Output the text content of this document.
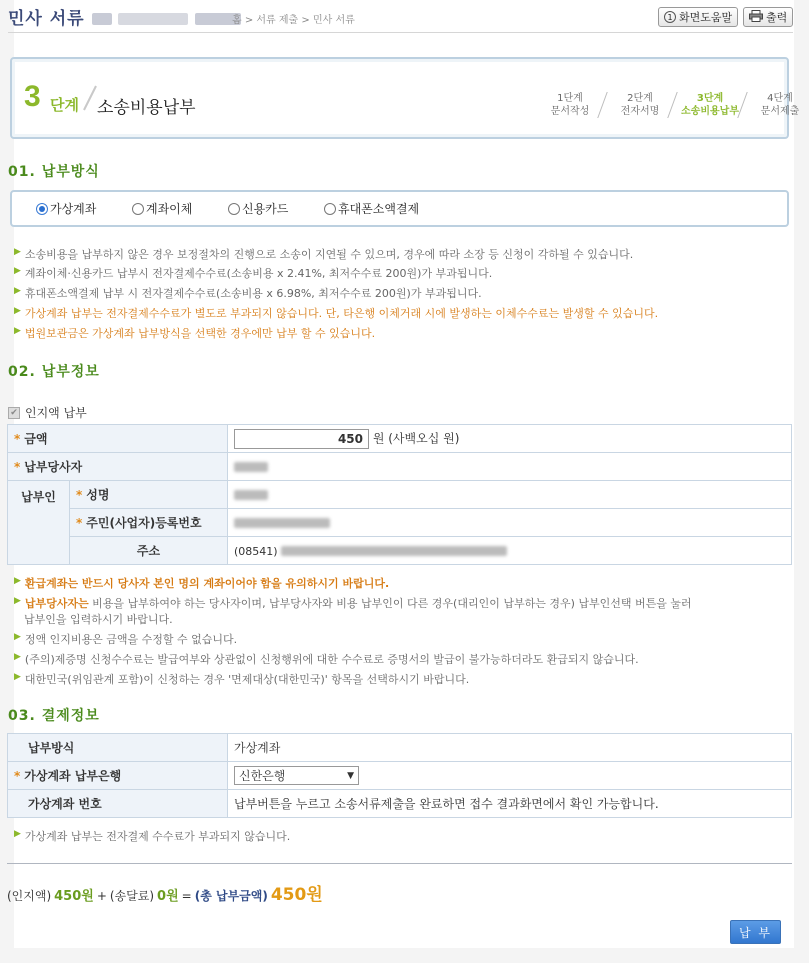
민사 서류	홈 > 서류 제출 > 민사 서류	1 화면도움말	출력
3 단계 소송비용납부	1단계
문서작성
2단계
전자서명
3단계
소송비용납부
4단계
문서제출
01. 납부방식
가상계좌	계좌이체	신용카드	휴대폰소액결제
▶ 소송비용을 납부하지 않은 경우 보정절차의 진행으로 소송이 지연될 수 있으며, 경우에 따라 소장 등 신청이 각하될 수 있습니다.
▶ 계좌이체·신용카드 납부시 전자결제수수료(소송비용 x 2.41%, 최저수수료 200원)가 부과됩니다.
▶ 휴대폰소액결제 납부 시 전자결제수수료(소송비용 x 6.98%, 최저수수료 200원)가 부과됩니다.
▶ 가상계좌 납부는 전자결제수수료가 별도로 부과되지 않습니다. 단, 타은행 이체거래 시에 발생하는 이체수수료는 발생할 수 있습니다.
▶ 법원보관금은 가상계좌 납부방식을 선택한 경우에만 납부 할 수 있습니다.
02. 납부정보
✔ 인지액 납부
* 금액		450 원 (사백오십 원)
* 납부당사자		
납부인	* 성명	
	* 주민(사업자)등록번호	
	주소	(08541)
▶ 환급계좌는 반드시 당사자 본인 명의 계좌이어야 함을 유의하시기 바랍니다.
▶ 납부당사자는 비용을 납부하여야 하는 당사자이며, 납부당사자와 비용 납부인이 다른 경우(대리인이 납부하는 경우) 납부인선택 버튼을 눌러
납부인을 입력하시기 바랍니다.
▶ 정액 인지비용은 금액을 수정할 수 없습니다.
▶ (주의)제증명 신청수수료는 발급여부와 상관없이 신청행위에 대한 수수료로 증명서의 발급이 불가능하더라도 환급되지 않습니다.
▶ 대한민국(위임관계 포함)이 신청하는 경우 '면제대상(대한민국)' 항목을 선택하시기 바랍니다.
03. 결제정보
납부방식	가상계좌
* 가상계좌 납부은행	신한은행 ▼

가상계좌 번호	납부버튼을 누르고 소송서류제출을 완료하면 접수 결과화면에서 확인 가능합니다.
▶ 가상계좌 납부는 전자결제 수수료가 부과되지 않습니다.
(인지액) 450원 + (송달료) 0원 = (총 납부금액) 450원
납 부
